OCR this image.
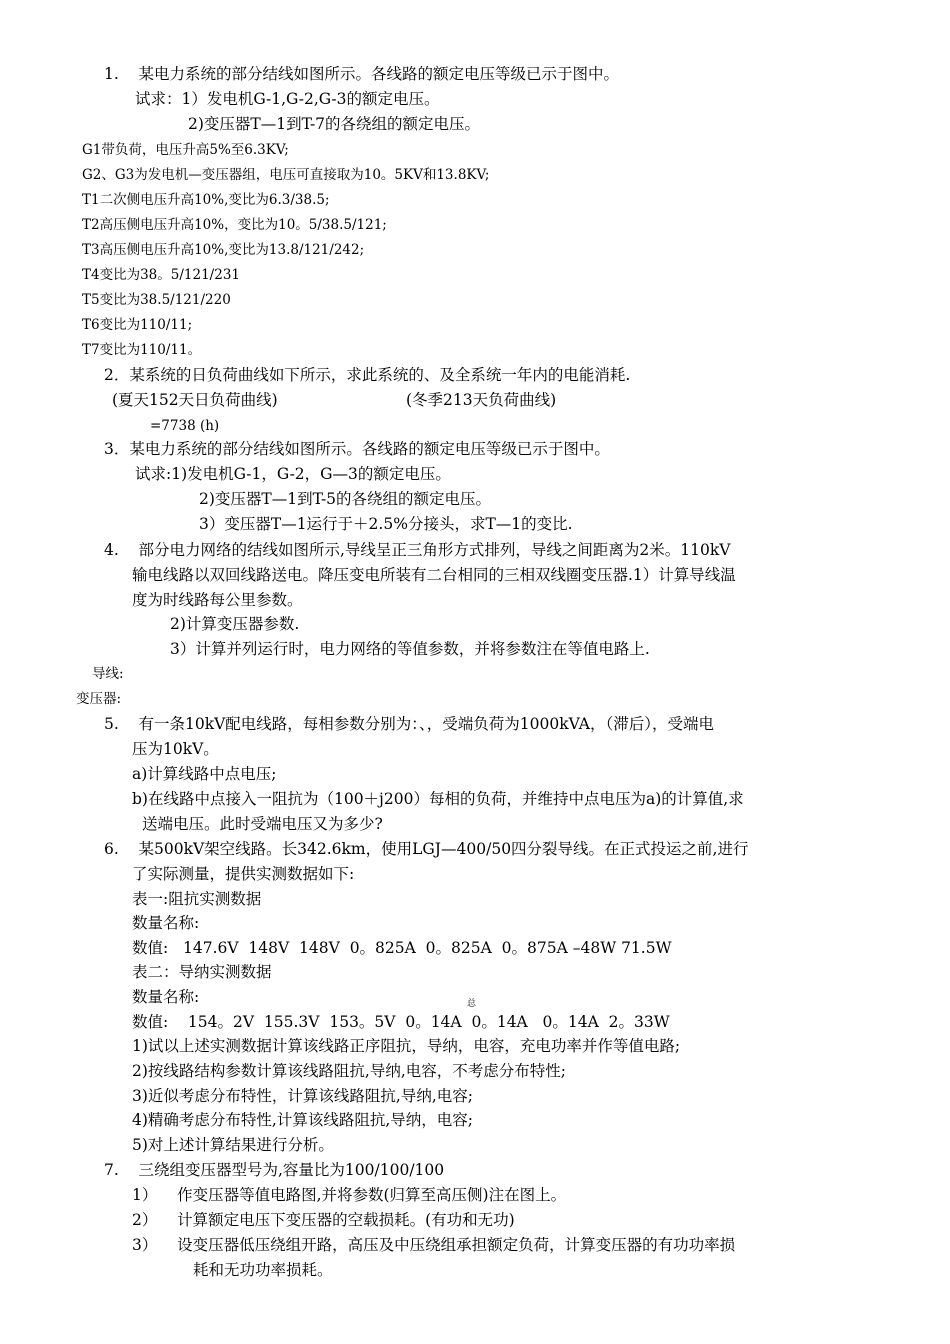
1.    某电力系统的部分结线如图所示。各线路的额定电压等级已示于图中。
试求：1）发电机G-1,G-2,G-3的额定电压。
2)变压器T—1到T-7的各绕组的额定电压。
G1带负荷，电压升高5%至6.3KV;
G2、G3为发电机—变压器组，电压可直接取为10。5KV和13.8KV;
T1二次侧电压升高10%,变比为6.3/38.5;
T2高压侧电压升高10%，变比为10。5/38.5/121;
T3高压侧电压升高10%,变比为13.8/121/242;
T4变比为38。5/121/231
T5变比为38.5/121/220
T6变比为110/11;
T7变比为110/11。
2．某系统的日负荷曲线如下所示，求此系统的、及全系统一年内的电能消耗.
(夏天152天日负荷曲线)	(冬季213天负荷曲线)
=7738 (h)
3．某电力系统的部分结线如图所示。各线路的额定电压等级已示于图中。
试求:1)发电机G-1，G-2，G—3的额定电压。
2)变压器T—1到T-5的各绕组的额定电压。
3）变压器T—1运行于＋2.5%分接头，求T—1的变比.
4.    部分电力网络的结线如图所示,导线呈正三角形方式排列，导线之间距离为2米。110kV
输电线路以双回线路送电。降压变电所装有二台相同的三相双线圈变压器.1）计算导线温
度为时线路每公里参数。
2)计算变压器参数.
3）计算并列运行时，电力网络的等值参数，并将参数注在等值电路上.
导线:
变压器:
5.    有一条10kV配电线路，每相参数分别为：、，受端负荷为1000kVA，（滞后），受端电
压为10kV。
a)计算线路中点电压;
b)在线路中点接入一阻抗为（100＋j200）每相的负荷，并维持中点电压为a)的计算值,求
送端电压。此时受端电压又为多少?
6.    某500kV架空线路。长342.6km，使用LGJ—400/50四分裂导线。在正式投运之前,进行
了实际测量，提供实测数据如下:
表一:阻抗实测数据
数量名称:
数值:   147.6V  148V  148V  0。825A  0。825A  0。875A –48W 71.5W
表二：导纳实测数据
数量名称:	总
数值:    154。2V  155.3V  153。5V  0。14A  0。14A   0。14A  2。33W
1)试以上述实测数据计算该线路正序阻抗，导纳，电容，充电功率并作等值电路;
2)按线路结构参数计算该线路阻抗,导纳,电容，不考虑分布特性;
3)近似考虑分布特性，计算该线路阻抗,导纳,电容;
4)精确考虑分布特性,计算该线路阻抗,导纳，电容;
5)对上述计算结果进行分析。
7.    三绕组变压器型号为,容量比为100/100/100
1）    作变压器等值电路图,并将参数(归算至高压侧)注在图上。
2）    计算额定电压下变压器的空载损耗。(有功和无功)
3）    设变压器低压绕组开路，高压及中压绕组承担额定负荷，计算变压器的有功功率损
耗和无功功率损耗。
